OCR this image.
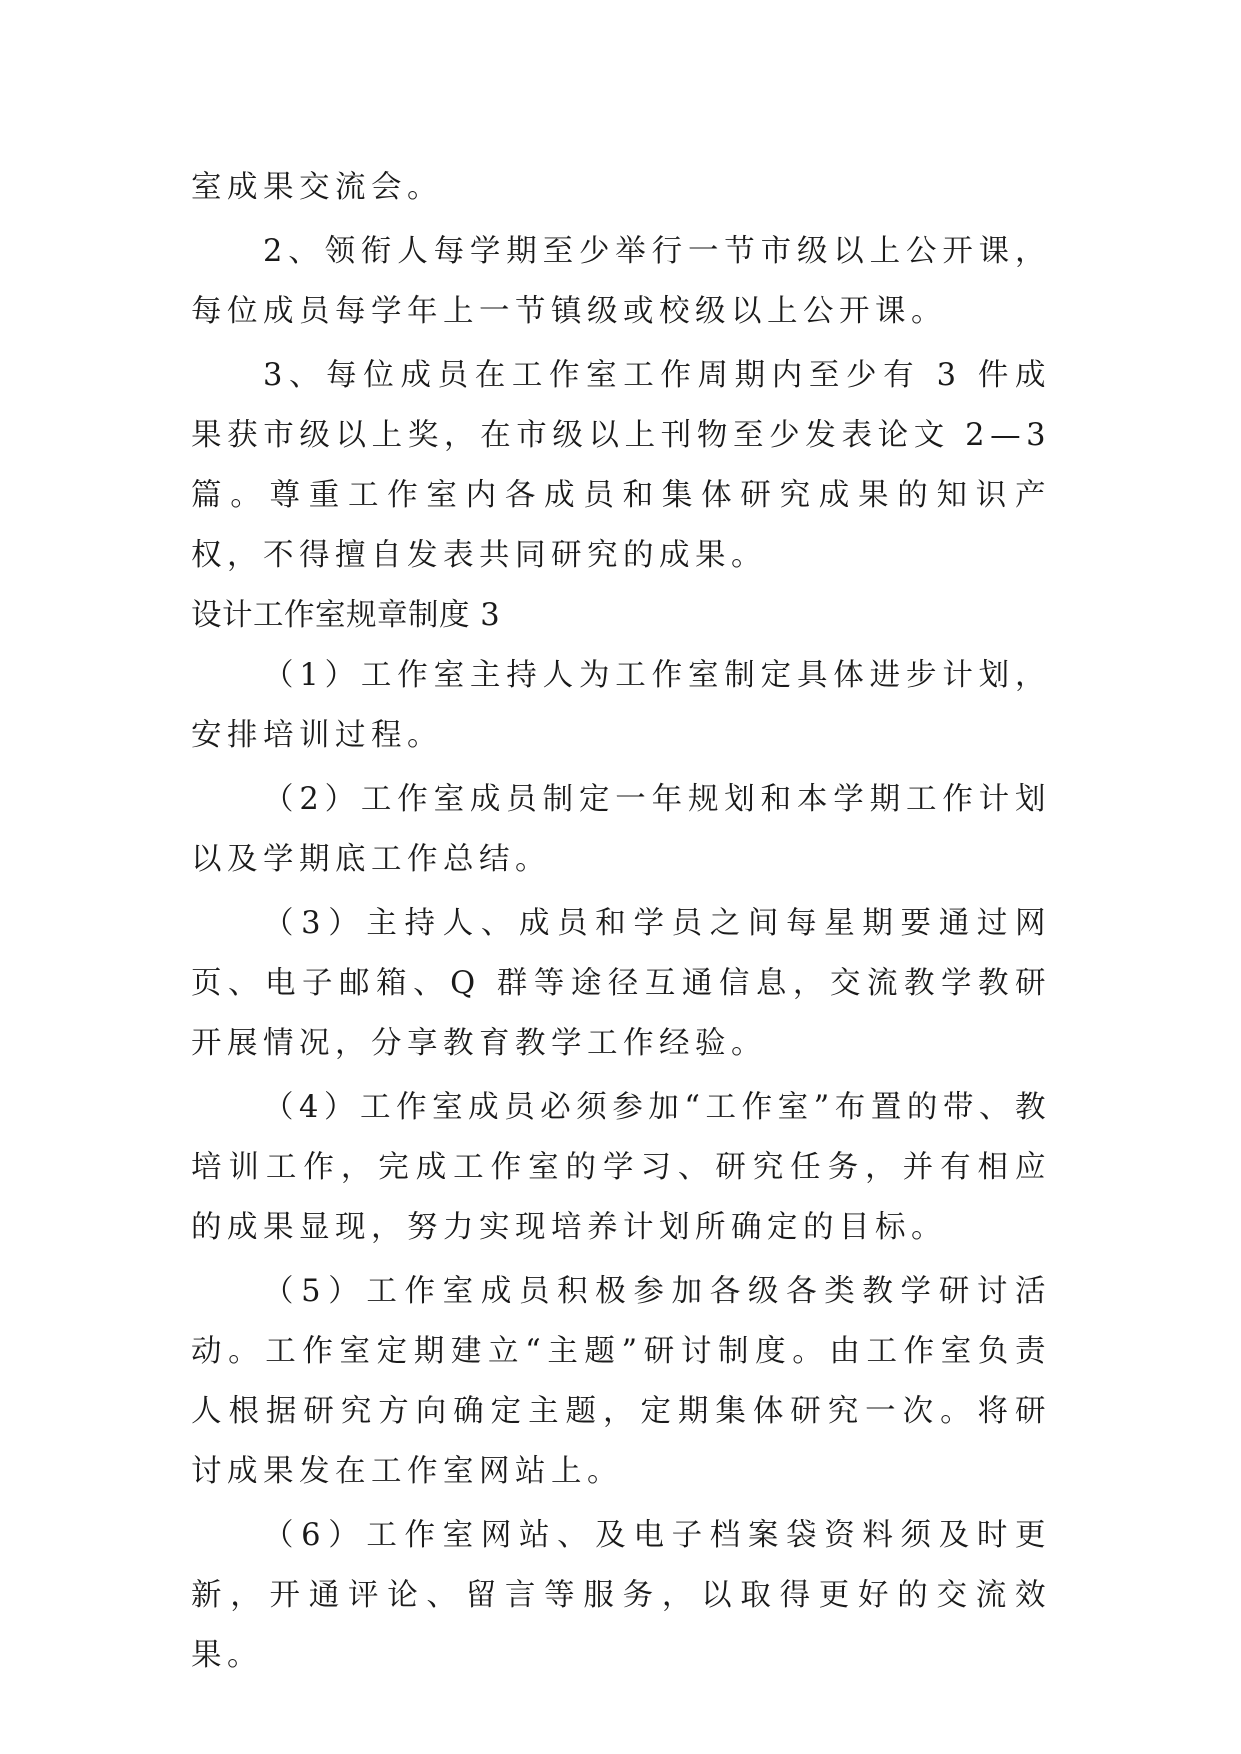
室成果交流会。

2、领衔人每学期至少举行一节市级以上公开课，每位成员每学年上一节镇级或校级以上公开课。

3、每位成员在工作室工作周期内至少有 3 件成果获市级以上奖，在市级以上刊物至少发表论文 2—3 篇。尊重工作室内各成员和集体研究成果的知识产权，不得擅自发表共同研究的成果。

设计工作室规章制度 3

（1）工作室主持人为工作室制定具体进步计划，安排培训过程。

（2）工作室成员制定一年规划和本学期工作计划以及学期底工作总结。

（3）主持人、成员和学员之间每星期要通过网页、电子邮箱、Q 群等途径互通信息，交流教学教研开展情况，分享教育教学工作经验。

（4）工作室成员必须参加“工作室”布置的带、教培训工作，完成工作室的学习、研究任务，并有相应的成果显现，努力实现培养计划所确定的目标。

（5）工作室成员积极参加各级各类教学研讨活动。工作室定期建立“主题”研讨制度。由工作室负责人根据研究方向确定主题，定期集体研究一次。将研讨成果发在工作室网站上。

（6）工作室网站、及电子档案袋资料须及时更新，开通评论、留言等服务，以取得更好的交流效果。
